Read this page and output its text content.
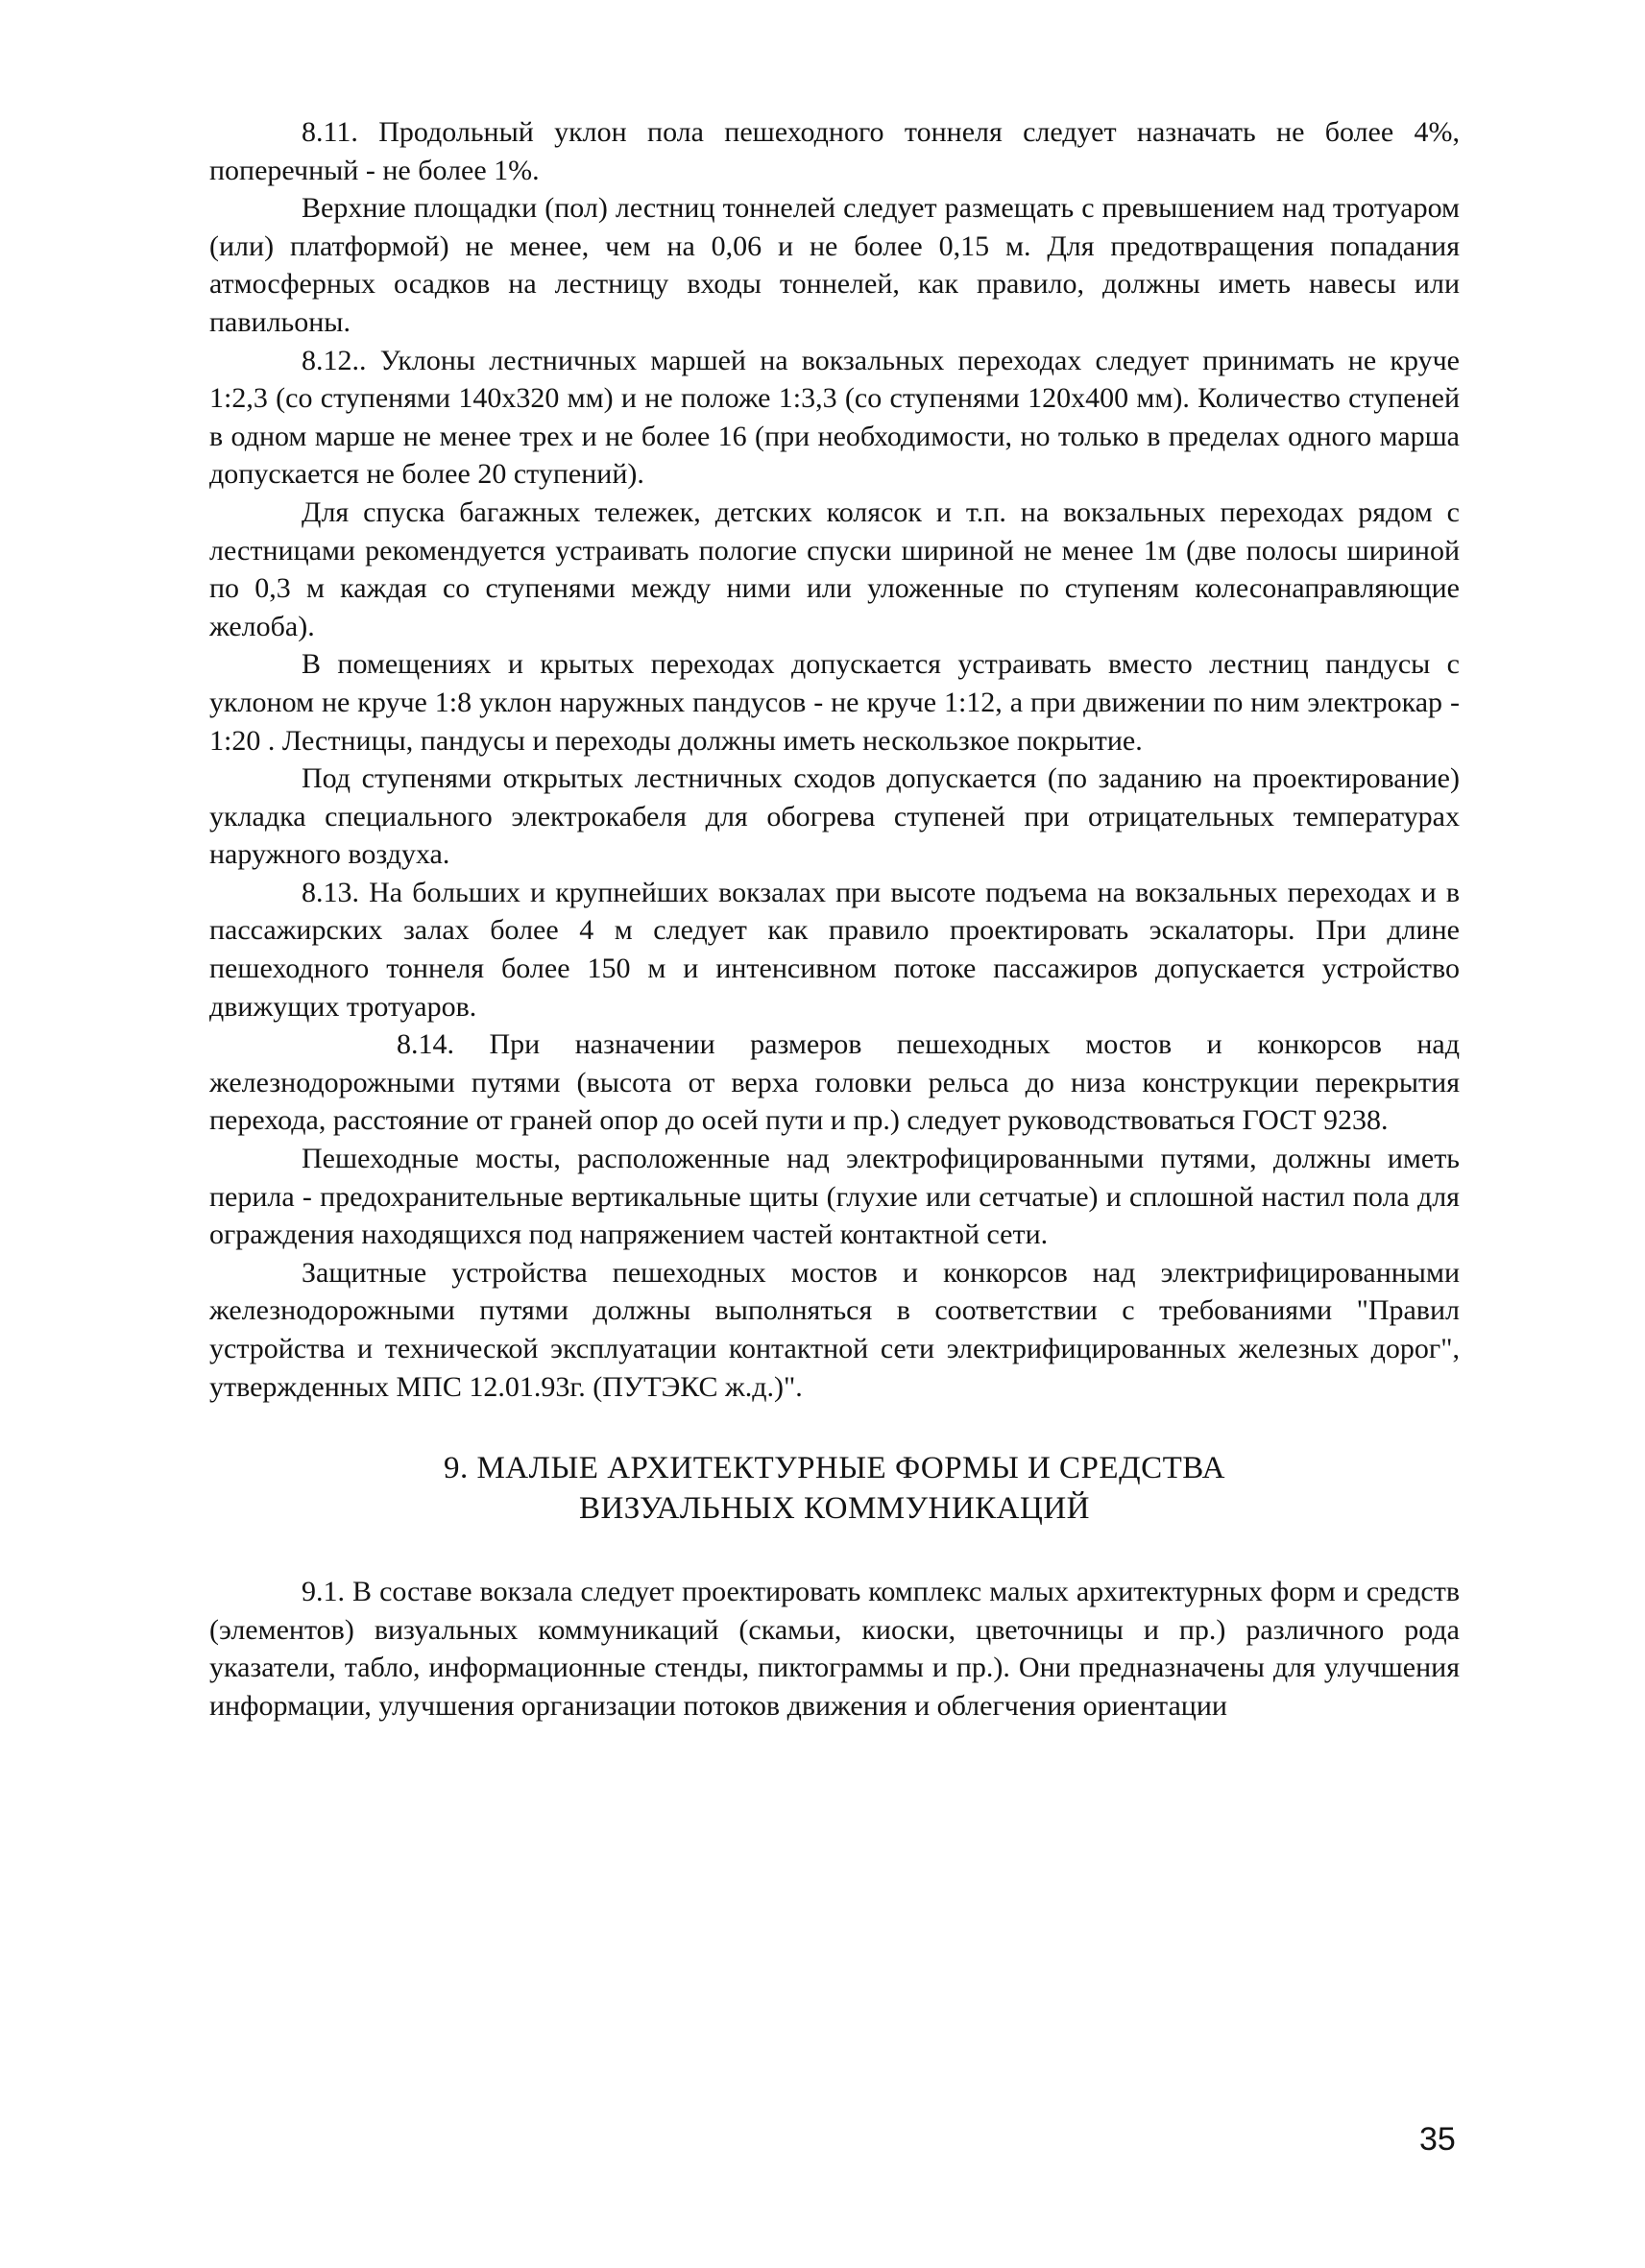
8.11. Продольный уклон пола пешеходного тоннеля следует назначать не более 4%, поперечный - не более 1%.

Верхние площадки (пол) лестниц тоннелей следует размещать с превышением над тротуаром (или) платформой) не менее, чем на 0,06 и не более 0,15 м. Для предотвращения попадания атмосферных осадков на лестницу входы тоннелей, как правило, должны иметь навесы или павильоны.

8.12.. Уклоны лестничных маршей на вокзальных переходах следует принимать не круче 1:2,3 (со ступенями 140х320 мм) и не положе 1:3,3 (со ступенями 120х400 мм). Количество ступеней в одном марше не менее трех и не более 16 (при необходимости, но только в пределах одного марша допускается не более 20 ступений).

Для спуска багажных тележек, детских колясок и т.п. на вокзальных переходах рядом с лестницами рекомендуется устраивать пологие спуски шириной не менее 1м (две полосы шириной по 0,3 м каждая со ступенями между ними или уложенные по ступеням колесонаправляющие желоба).

В помещениях и крытых переходах допускается устраивать вместо лестниц пандусы с уклоном не круче 1:8 уклон наружных пандусов - не круче 1:12, а при движении по ним электрокар - 1:20 . Лестницы, пандусы и переходы должны иметь нескользкое покрытие.

Под ступенями открытых лестничных сходов допускается (по заданию на проектирование) укладка специального электрокабеля для обогрева ступеней при отрицательных температурах наружного воздуха.

8.13. На больших и крупнейших вокзалах при высоте подъема на вокзальных переходах и в пассажирских залах более 4 м следует как правило проектировать эскалаторы. При длине пешеходного тоннеля более 150 м и интенсивном потоке пассажиров допускается устройство движущих тротуаров.

8.14. При назначении размеров пешеходных мостов и конкорсов над железнодорожными путями (высота от верха головки рельса до низа конструкции перекрытия перехода, расстояние от граней опор до осей пути и пр.) следует руководствоваться ГОСТ 9238.

Пешеходные мосты, расположенные над электрофицированными путями, должны иметь перила - предохранительные вертикальные щиты (глухие или сетчатые) и сплошной настил пола для ограждения находящихся под напряжением частей контактной сети.

Защитные устройства пешеходных мостов и конкорсов над электрифицированными железнодорожными путями должны выполняться в соответствии с требованиями "Правил устройства и технической эксплуатации контактной сети электрифицированных железных дорог", утвержденных МПС 12.01.93г. (ПУТЭКС ж.д.)".

9. МАЛЫЕ АРХИТЕКТУРНЫЕ ФОРМЫ И СРЕДСТВА
ВИЗУАЛЬНЫХ КОММУНИКАЦИЙ

9.1. В составе вокзала следует проектировать комплекс малых архитектурных форм и средств (элементов) визуальных коммуникаций (скамьи, киоски, цветочницы и пр.) различного рода указатели, табло, информационные стенды, пиктограммы и пр.). Они предназначены для улучшения информации, улучшения организации потоков движения и облегчения ориентации

35
